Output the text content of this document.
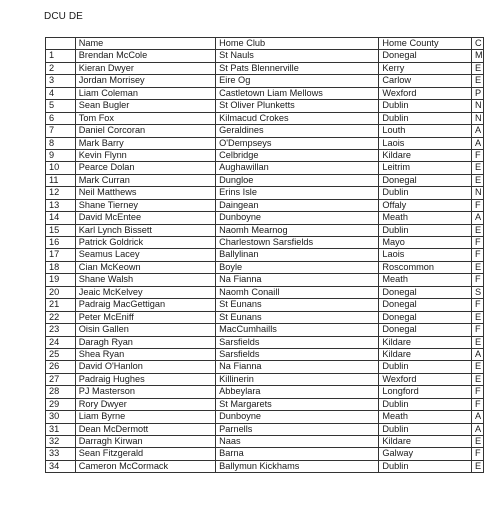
DCU DE
	Name	Home Club	Home County	C
1	Brendan McCole	St Nauls	Donegal	M
2	Kieran Dwyer	St Pats Blennerville	Kerry	E
3	Jordan Morrisey	Eire Og	Carlow	E
4	Liam Coleman	Castletown Liam Mellows	Wexford	P
5	Sean Bugler	St Oliver Plunketts	Dublin	N
6	Tom Fox	Kilmacud Crokes	Dublin	N
7	Daniel Corcoran	Geraldines	Louth	A
8	Mark Barry	O'Dempseys	Laois	A
9	Kevin Flynn	Celbridge	Kildare	F
10	Pearce Dolan	Aughawillan	Leitrim	E
11	Mark Curran	Dungloe	Donegal	E
12	Neil Matthews	Erins Isle	Dublin	N
13	Shane Tierney	Daingean	Offaly	F
14	David McEntee	Dunboyne	Meath	A
15	Karl Lynch Bissett	Naomh Mearnog	Dublin	E
16	Patrick Goldrick	Charlestown Sarsfields	Mayo	F
17	Seamus Lacey	Ballylinan	Laois	F
18	Cian McKeown	Boyle	Roscommon	E
19	Shane Walsh	Na Fianna	Meath	F
20	Jeaic McKelvey	Naomh Conaill	Donegal	S
21	Padraig MacGettigan	St Eunans	Donegal	F
22	Peter McEniff	St Eunans	Donegal	E
23	Oisin Gallen	MacCumhaills	Donegal	F
24	Daragh Ryan	Sarsfields	Kildare	E
25	Shea Ryan	Sarsfields	Kildare	A
26	David O'Hanlon	Na Fianna	Dublin	E
27	Padraig Hughes	Killinerin	Wexford	E
28	PJ Masterson	Abbeylara	Longford	F
29	Rory Dwyer	St Margarets	Dublin	F
30	Liam Byrne	Dunboyne	Meath	A
31	Dean McDermott	Parnells	Dublin	A
32	Darragh Kirwan	Naas	Kildare	E
33	Sean Fitzgerald	Barna	Galway	F
34	Cameron McCormack	Ballymun Kickhams	Dublin	E
